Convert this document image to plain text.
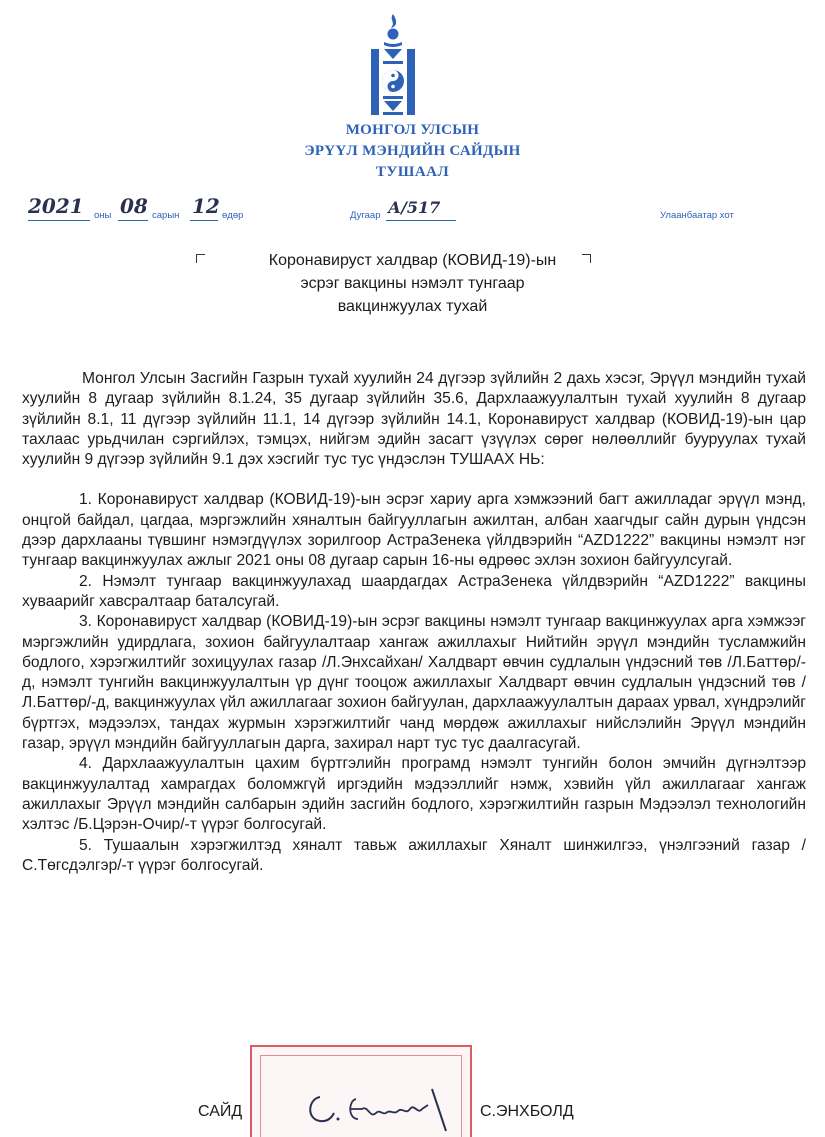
МОНГОЛ УЛСЫН
ЭРҮҮЛ МЭНДИЙН САЙДЫН
ТУШААЛ
2021 оны 08 сарын 12 өдөр	Дугаар А/517	Улаанбаатар хот
Коронавируст халдвар (КОВИД-19)-ын
эсрэг вакцины нэмэлт тунгаар
вакцинжуулах тухай

Монгол Улсын Засгийн Газрын тухай хуулийн 24 дүгээр зүйлийн 2 дахь хэсэг, Эрүүл мэндийн тухай хуулийн 8 дугаар зүйлийн 8.1.24, 35 дугаар зүйлийн 35.6, Дархлаажуулалтын тухай хуулийн 8 дугаар зүйлийн 8.1, 11 дүгээр зүйлийн 11.1, 14 дүгээр зүйлийн 14.1, Коронавируст халдвар (КОВИД-19)-ын цар тахлаас урьдчилан сэргийлэх, тэмцэх, нийгэм эдийн засагт үзүүлэх сөрөг нөлөөллийг бууруулах тухай хуулийн 9 дүгээр зүйлийн 9.1 дэх хэсгийг тус тус үндэслэн ТУШААХ НЬ:

1. Коронавируст халдвар (КОВИД-19)-ын эсрэг хариу арга хэмжээний багт ажилладаг эрүүл мэнд, онцгой байдал, цагдаа, мэргэжлийн хяналтын байгууллагын ажилтан, албан хаагчдыг сайн дурын үндсэн дээр дархлааны түвшинг нэмэгдүүлэх зорилгоор АстраЗенека үйлдвэрийн “AZD1222” вакцины нэмэлт нэг тунгаар вакцинжуулах ажлыг 2021 оны 08 дугаар сарын 16-ны өдрөөс эхлэн зохион байгуулсугай.

2. Нэмэлт тунгаар вакцинжуулахад шаардагдах АстраЗенека үйлдвэрийн “AZD1222” вакцины хуваарийг хавсралтаар баталсугай.

3. Коронавируст халдвар (КОВИД-19)-ын эсрэг вакцины нэмэлт тунгаар вакцинжуулах арга хэмжээг мэргэжлийн удирдлага, зохион байгуулалтаар хангаж ажиллахыг Нийтийн эрүүл мэндийн тусламжийн бодлого, хэрэгжилтийг зохицуулах газар /Л.Энхсайхан/ Халдварт өвчин судлалын үндэсний төв /Л.Баттөр/-д, нэмэлт тунгийн вакцинжуулалтын үр дүнг тооцож ажиллахыг Халдварт өвчин судлалын үндэсний төв /Л.Баттөр/-д, вакцинжуулах үйл ажиллагааг зохион байгуулан, дархлаажуулалтын дараах урвал, хүндрэлийг бүртгэх, мэдээлэх, тандах журмын хэрэгжилтийг чанд мөрдөж ажиллахыг нийслэлийн Эрүүл мэндийн газар, эрүүл мэндийн байгууллагын дарга, захирал нарт тус тус даалгасугай.

4. Дархлаажуулалтын цахим бүртгэлийн програмд нэмэлт тунгийн болон эмчийн дүгнэлтээр вакцинжуулалтад хамрагдах боломжгүй иргэдийн мэдээллийг нэмж, хэвийн үйл ажиллагааг хангаж ажиллахыг Эрүүл мэндийн салбарын эдийн засгийн бодлого, хэрэгжилтийн газрын Мэдээлэл технологийн хэлтэс /Б.Цэрэн-Очир/-т үүрэг болгосугай.

5. Тушаалын хэрэгжилтэд хяналт тавьж ажиллахыг Хяналт шинжилгээ, үнэлгээний газар /С.Төгсдэлгэр/-т үүрэг болгосугай.

САЙД	С.ЭНХБОЛД
